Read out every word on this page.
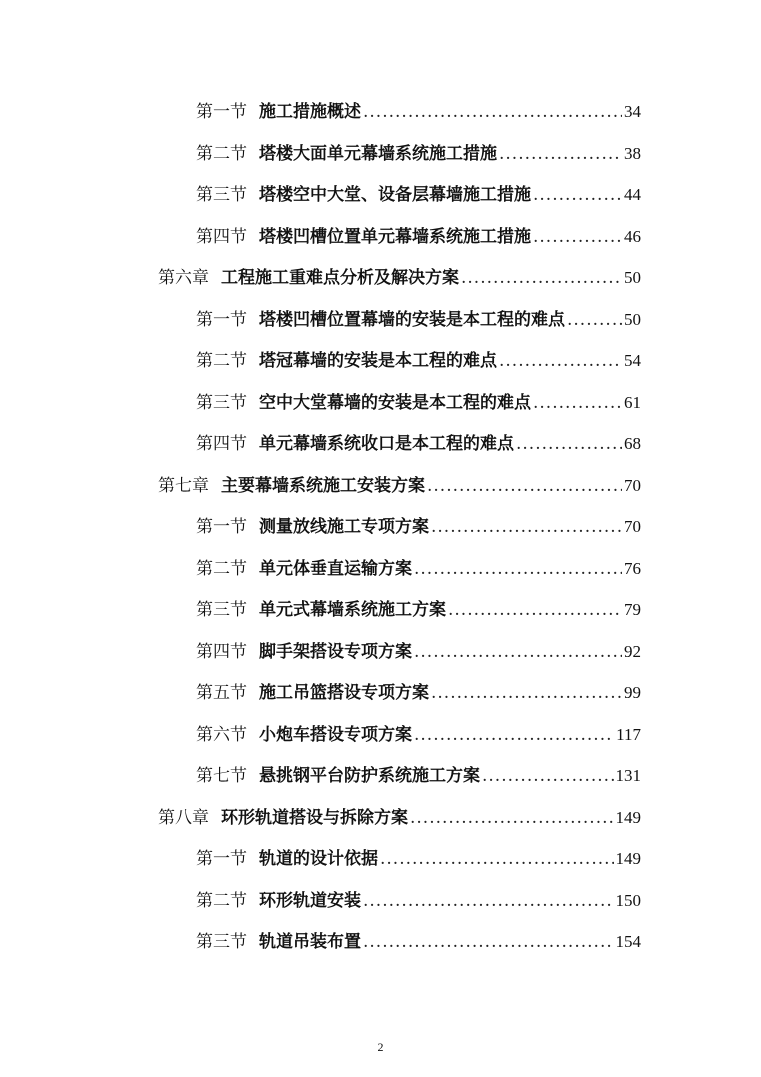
第一节 施工措施概述 .....	34
第二节 塔楼大面单元幕墙系统施工措施 .....	38
第三节 塔楼空中大堂、设备层幕墙施工措施 .....	44
第四节 塔楼凹槽位置单元幕墙系统施工措施 .....	46
第六章 工程施工重难点分析及解决方案 .....	50
第一节 塔楼凹槽位置幕墙的安装是本工程的难点 .....	50
第二节 塔冠幕墙的安装是本工程的难点 .....	54
第三节 空中大堂幕墙的安装是本工程的难点 .....	61
第四节 单元幕墙系统收口是本工程的难点 .....	68
第七章 主要幕墙系统施工安装方案 .....	70
第一节 测量放线施工专项方案 .....	70
第二节 单元体垂直运输方案 .....	76
第三节 单元式幕墙系统施工方案 .....	79
第四节 脚手架搭设专项方案 .....	92
第五节 施工吊篮搭设专项方案 .....	99
第六节 小炮车搭设专项方案 .....	117
第七节 悬挑钢平台防护系统施工方案 .....	131
第八章 环形轨道搭设与拆除方案 .....	149
第一节 轨道的设计依据 .....	149
第二节 环形轨道安装 .....	150
第三节 轨道吊装布置 .....	154
2
